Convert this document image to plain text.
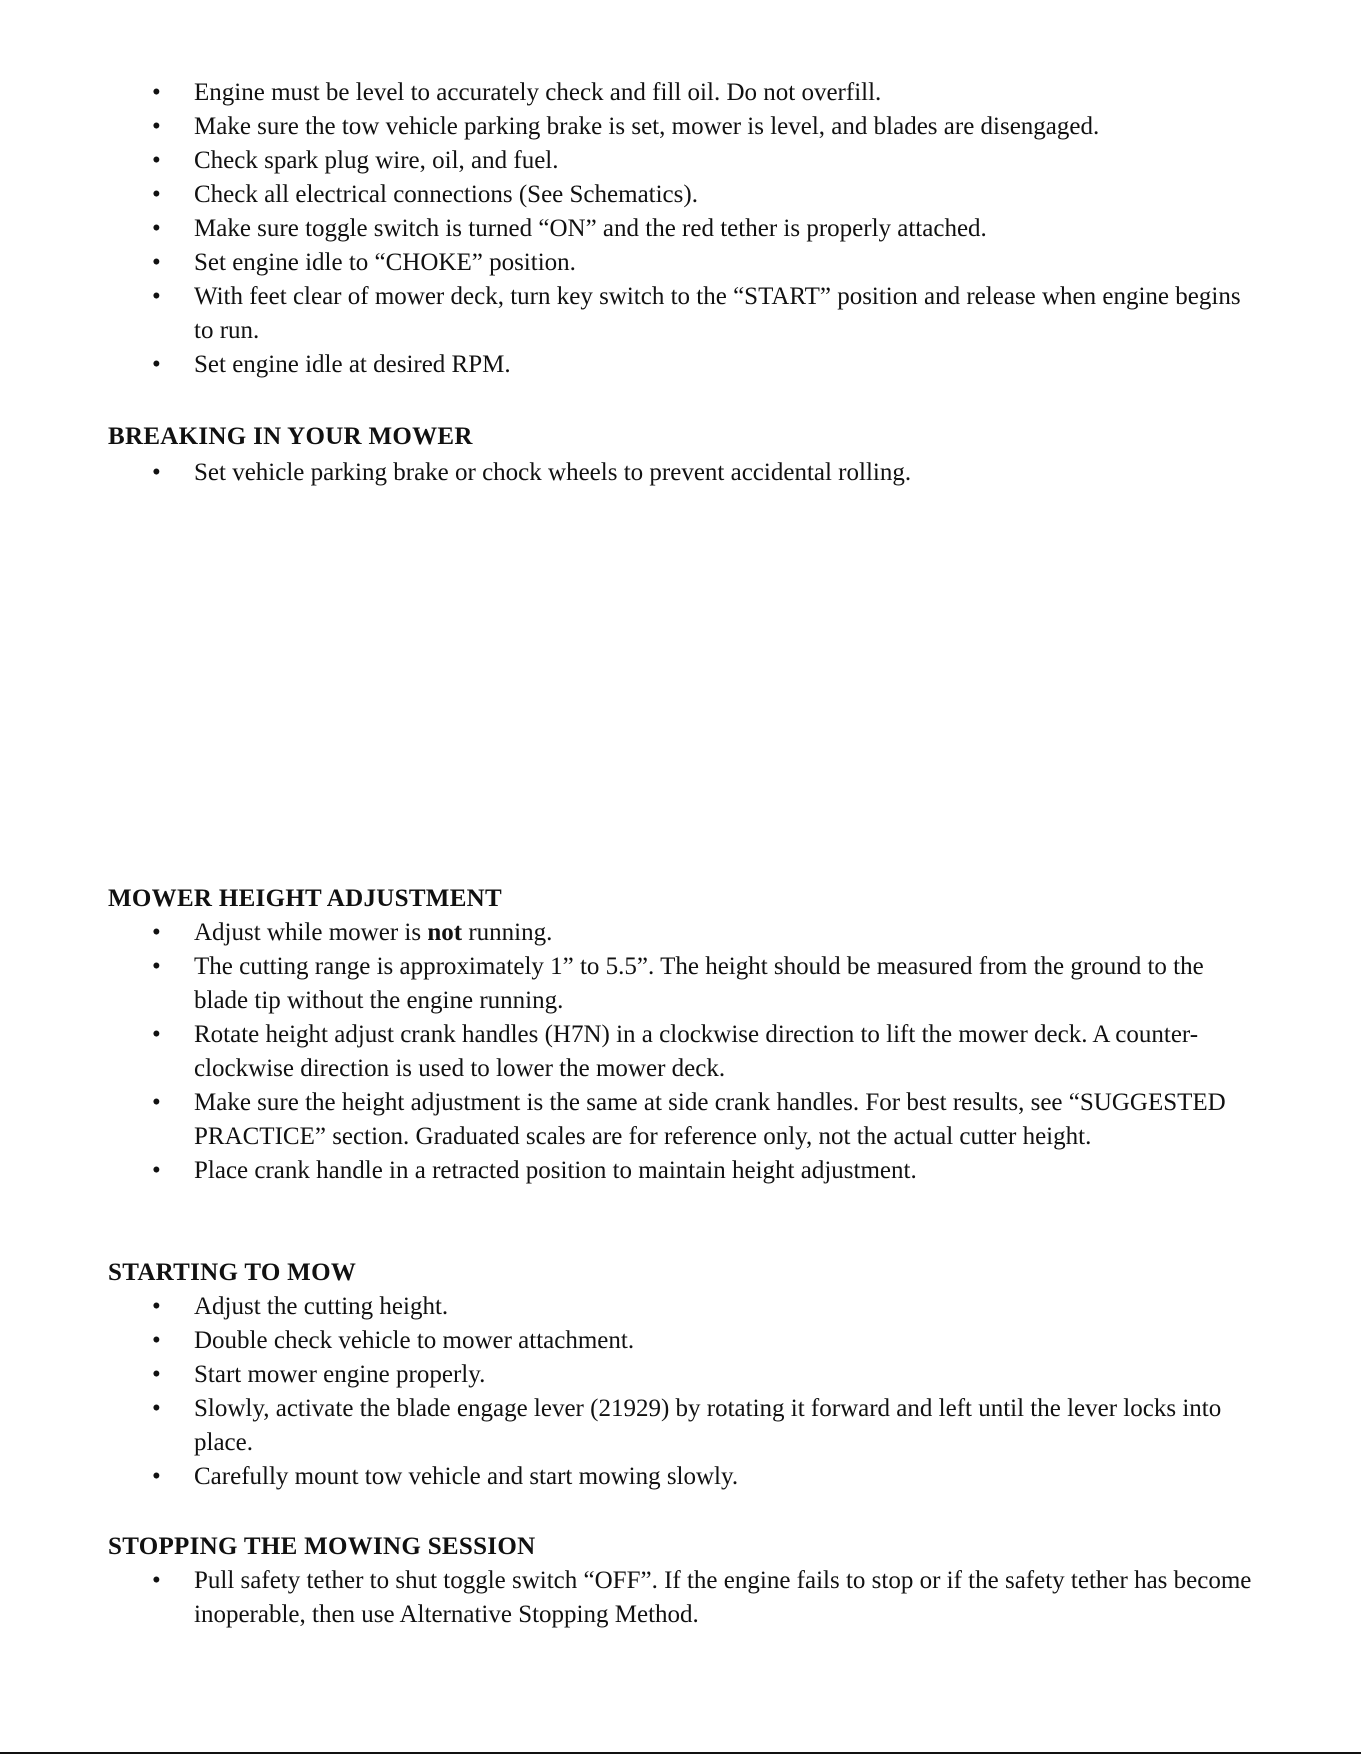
• Engine must be level to accurately check and fill oil. Do not overfill.
• Make sure the tow vehicle parking brake is set, mower is level, and blades are disengaged.
• Check spark plug wire, oil, and fuel.
• Check all electrical connections (See Schematics).
• Make sure toggle switch is turned “ON” and the red tether is properly attached.
• Set engine idle to “CHOKE” position.
• With feet clear of mower deck, turn key switch to the “START” position and release when engine begins to run.
• Set engine idle at desired RPM.
BREAKING IN YOUR MOWER
• Set vehicle parking brake or chock wheels to prevent accidental rolling.
MOWER HEIGHT ADJUSTMENT
• Adjust while mower is not running.
• The cutting range is approximately 1” to 5.5”. The height should be measured from the ground to the blade tip without the engine running.
• Rotate height adjust crank handles (H7N) in a clockwise direction to lift the mower deck. A counter-clockwise direction is used to lower the mower deck.
• Make sure the height adjustment is the same at side crank handles. For best results, see “SUGGESTED PRACTICE” section. Graduated scales are for reference only, not the actual cutter height.
• Place crank handle in a retracted position to maintain height adjustment.
STARTING TO MOW
• Adjust the cutting height.
• Double check vehicle to mower attachment.
• Start mower engine properly.
• Slowly, activate the blade engage lever (21929) by rotating it forward and left until the lever locks into place.
• Carefully mount tow vehicle and start mowing slowly.
STOPPING THE MOWING SESSION
• Pull safety tether to shut toggle switch “OFF”. If the engine fails to stop or if the safety tether has become inoperable, then use Alternative Stopping Method.
